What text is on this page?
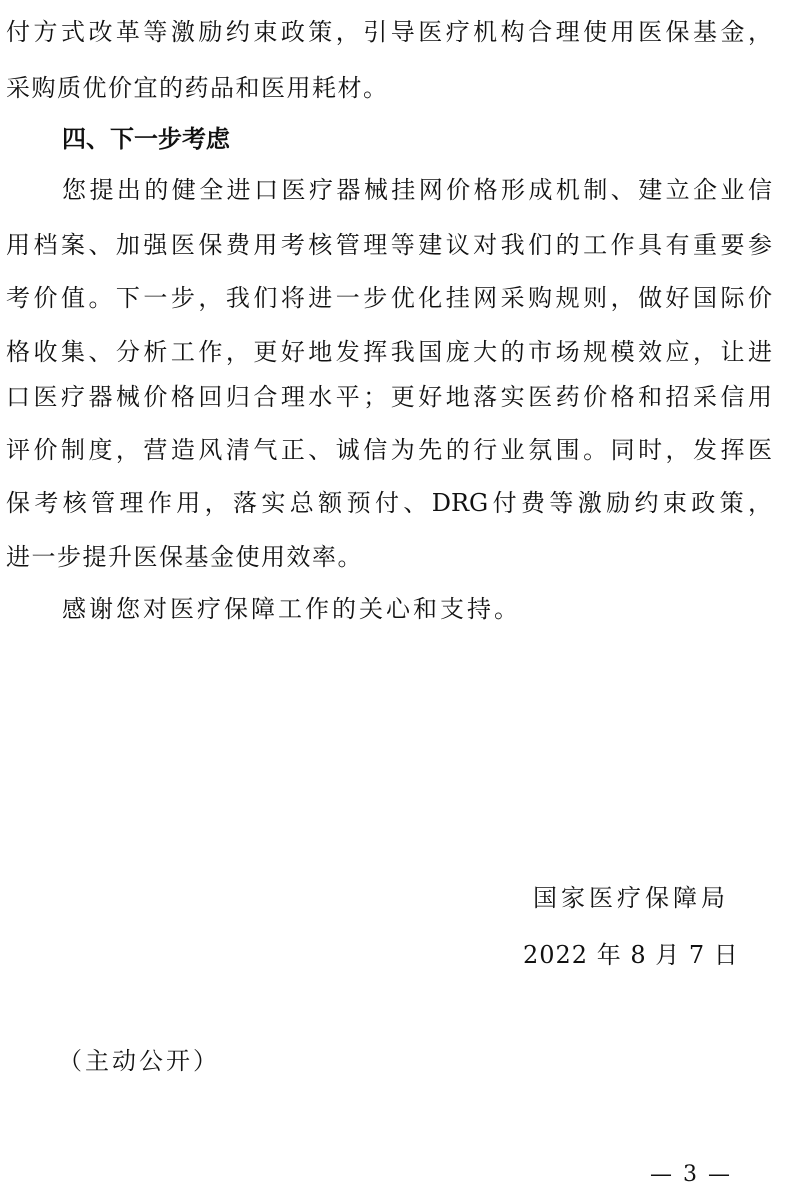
付方式改革等激励约束政策，引导医疗机构合理使用医保基金，
采购质优价宜的药品和医用耗材。
四、下一步考虑
您提出的健全进口医疗器械挂网价格形成机制、建立企业信
用档案、加强医保费用考核管理等建议对我们的工作具有重要参
考价值。下一步，我们将进一步优化挂网采购规则，做好国际价
格收集、分析工作，更好地发挥我国庞大的市场规模效应，让进
口医疗器械价格回归合理水平；更好地落实医药价格和招采信用
评价制度，营造风清气正、诚信为先的行业氛围。同时，发挥医
保考核管理作用，落实总额预付、DRG付费等激励约束政策，
进一步提升医保基金使用效率。
感谢您对医疗保障工作的关心和支持。
国家医疗保障局
2022 年 8 月 7 日
（主动公开）
— 3 —
